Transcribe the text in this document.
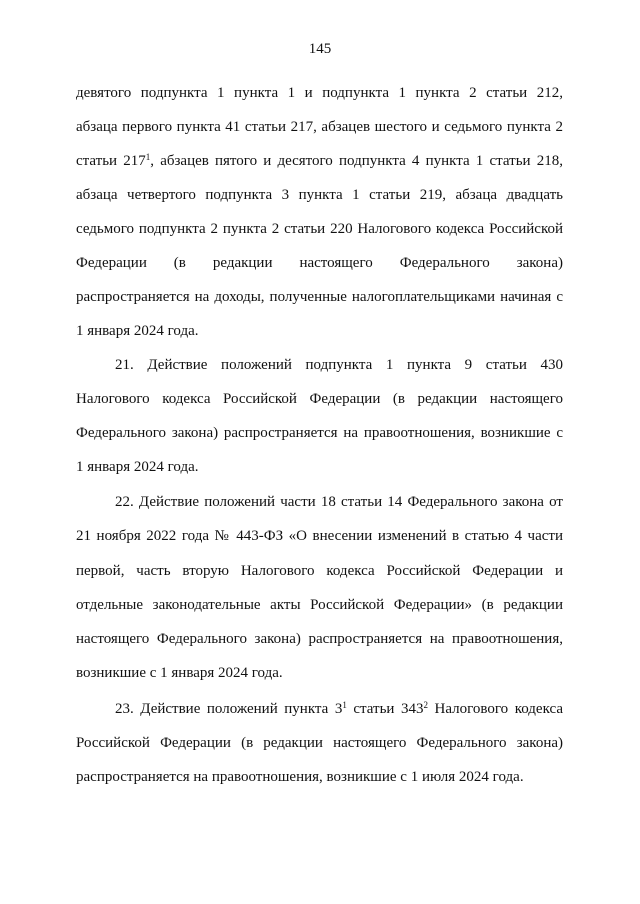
145
девятого подпункта 1 пункта 1 и подпункта 1 пункта 2 статьи 212,
абзаца первого пункта 41 статьи 217, абзацев шестого и седьмого пункта 2
статьи $217^1$, абзацев пятого и десятого подпункта 4 пункта 1 статьи 218,
абзаца четвертого подпункта 3 пункта 1 статьи 219, абзаца двадцать
седьмого подпункта 2 пункта 2 статьи 220 Налогового кодекса Российской
Федерации (в редакции настоящего Федерального закона)
распространяется на доходы, полученные налогоплательщиками начиная с
1 января 2024 года.
21. Действие положений подпункта 1 пункта 9 статьи 430
Налогового кодекса Российской Федерации (в редакции настоящего
Федерального закона) распространяется на правоотношения, возникшие с
1 января 2024 года.
22. Действие положений части 18 статьи 14 Федерального закона от
21 ноября 2022 года № 443-ФЗ «О внесении изменений в статью 4 части
первой, часть вторую Налогового кодекса Российской Федерации и
отдельные законодательные акты Российской Федерации» (в редакции
настоящего Федерального закона) распространяется на правоотношения,
возникшие с 1 января 2024 года.
23. Действие положений пункта $3^1$ статьи $343^2$ Налогового кодекса
Российской Федерации (в редакции настоящего Федерального закона)
распространяется на правоотношения, возникшие с 1 июля 2024 года.
